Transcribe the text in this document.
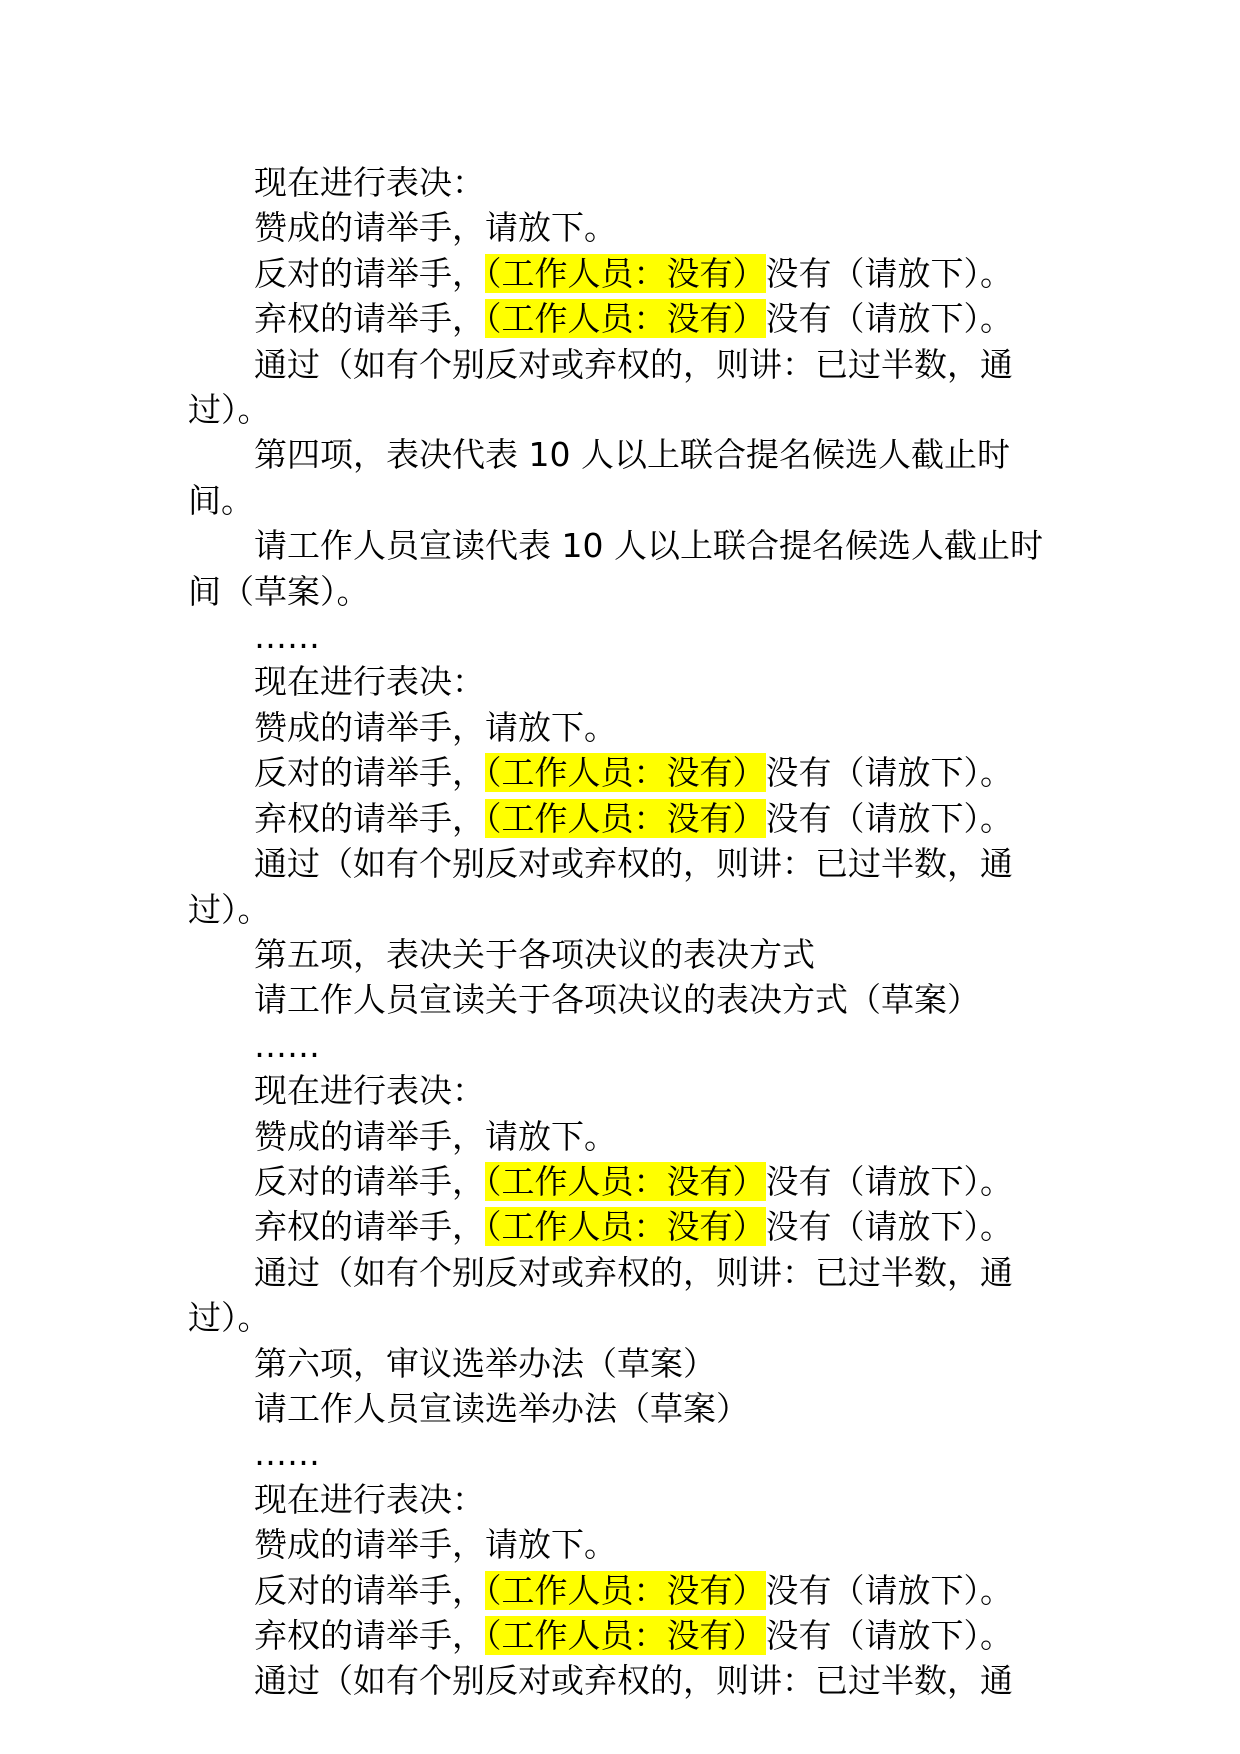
现在进行表决：

赞成的请举手，请放下。

反对的请举手，（工作人员：没有）没有（请放下）。

弃权的请举手，（工作人员：没有）没有（请放下）。

通过（如有个别反对或弃权的，则讲：已过半数，通过）。

第四项，表决代表 10 人以上联合提名候选人截止时间。

请工作人员宣读代表 10 人以上联合提名候选人截止时间（草案）。

……

现在进行表决：

赞成的请举手，请放下。

反对的请举手，（工作人员：没有）没有（请放下）。

弃权的请举手，（工作人员：没有）没有（请放下）。

通过（如有个别反对或弃权的，则讲：已过半数，通过）。

第五项，表决关于各项决议的表决方式

请工作人员宣读关于各项决议的表决方式（草案）

……

现在进行表决：

赞成的请举手，请放下。

反对的请举手，（工作人员：没有）没有（请放下）。

弃权的请举手，（工作人员：没有）没有（请放下）。

通过（如有个别反对或弃权的，则讲：已过半数，通过）。

第六项，审议选举办法（草案）

请工作人员宣读选举办法（草案）

……

现在进行表决：

赞成的请举手，请放下。

反对的请举手，（工作人员：没有）没有（请放下）。

弃权的请举手，（工作人员：没有）没有（请放下）。

通过（如有个别反对或弃权的，则讲：已过半数，通
